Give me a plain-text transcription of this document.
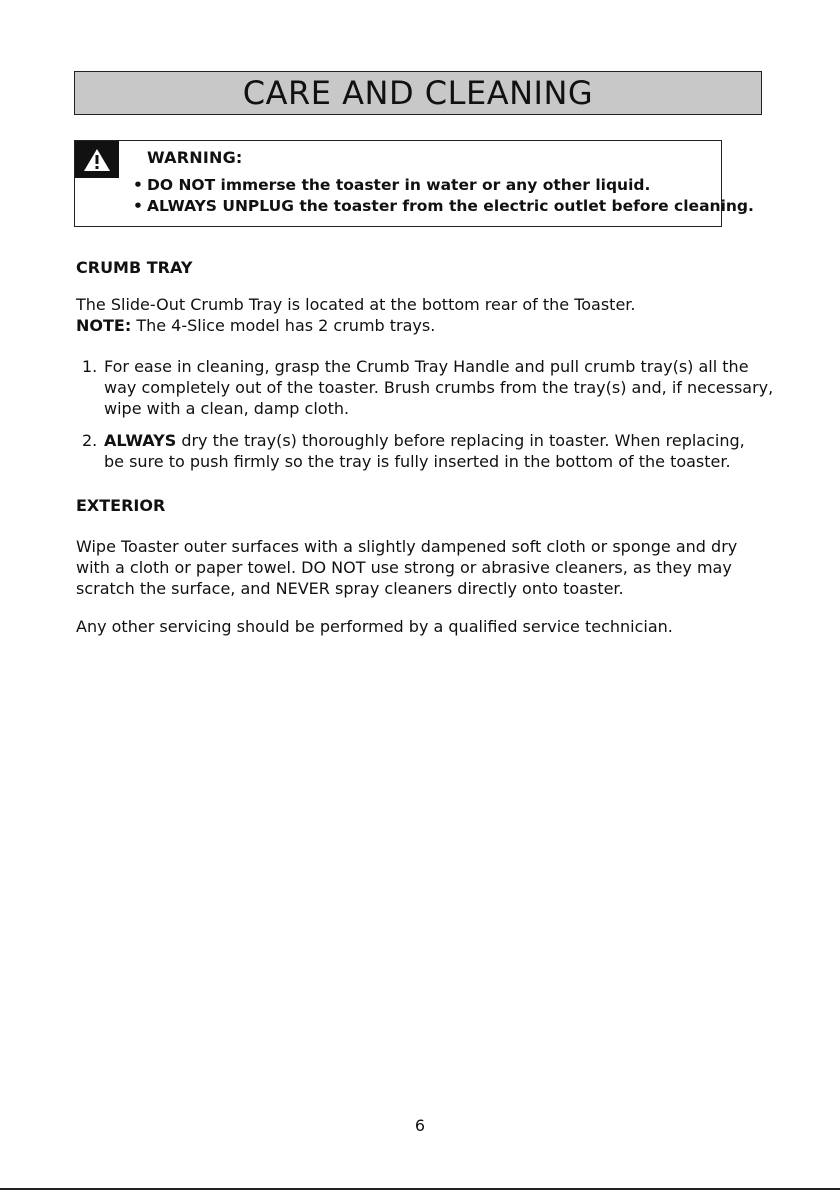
CARE AND CLEANING
WARNING:
• DO NOT immerse the toaster in water or any other liquid.
• ALWAYS UNPLUG the toaster from the electric outlet before cleaning.
CRUMB TRAY

The Slide-Out Crumb Tray is located at the bottom rear of the Toaster.
NOTE: The 4-Slice model has 2 crumb trays.

1. For ease in cleaning, grasp the Crumb Tray Handle and pull crumb tray(s) all the way completely out of the toaster. Brush crumbs from the tray(s) and, if necessary, wipe with a clean, damp cloth.

2. ALWAYS dry the tray(s) thoroughly before replacing in toaster. When replacing, be sure to push firmly so the tray is fully inserted in the bottom of the toaster.

EXTERIOR

Wipe Toaster outer surfaces with a slightly dampened soft cloth or sponge and dry with a cloth or paper towel. DO NOT use strong or abrasive cleaners, as they may scratch the surface, and NEVER spray cleaners directly onto toaster.

Any other servicing should be performed by a qualified service technician.

6
